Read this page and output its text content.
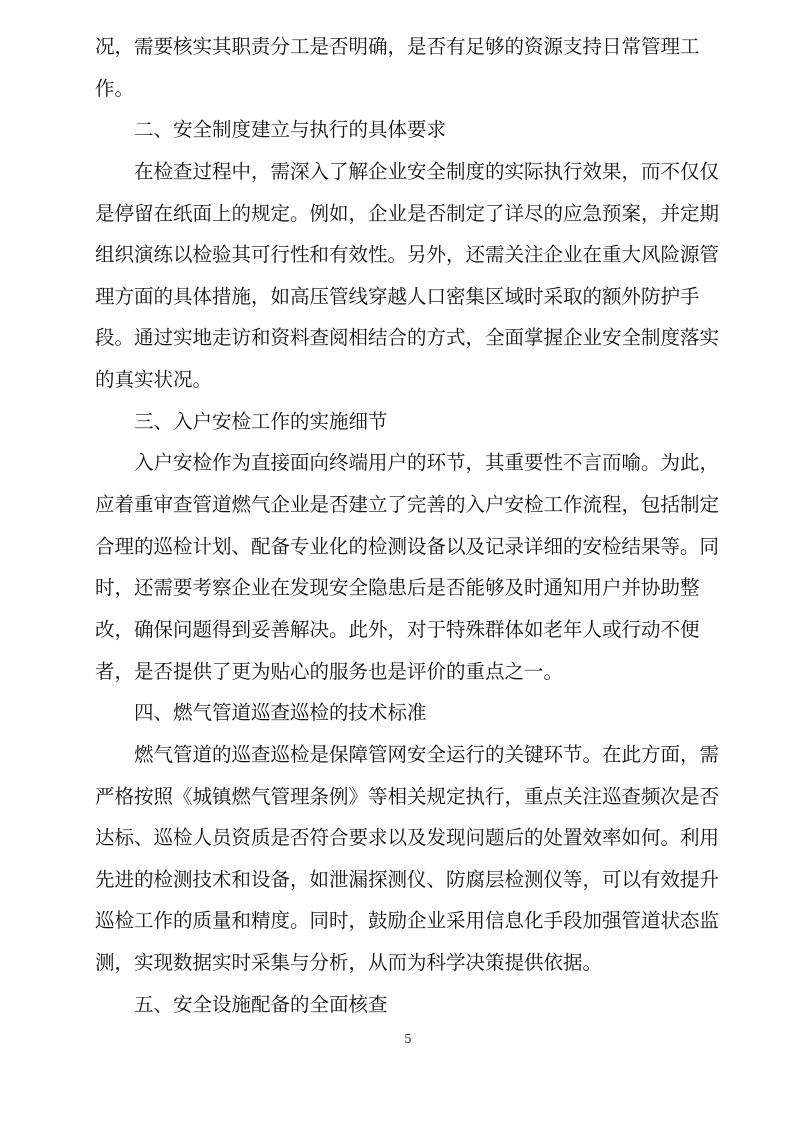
况，需要核实其职责分工是否明确，是否有足够的资源支持日常管理工
作。
二、安全制度建立与执行的具体要求
在检查过程中，需深入了解企业安全制度的实际执行效果，而不仅仅
是停留在纸面上的规定。例如，企业是否制定了详尽的应急预案，并定期
组织演练以检验其可行性和有效性。另外，还需关注企业在重大风险源管
理方面的具体措施，如高压管线穿越人口密集区域时采取的额外防护手
段。通过实地走访和资料查阅相结合的方式，全面掌握企业安全制度落实
的真实状况。
三、入户安检工作的实施细节
入户安检作为直接面向终端用户的环节，其重要性不言而喻。为此，
应着重审查管道燃气企业是否建立了完善的入户安检工作流程，包括制定
合理的巡检计划、配备专业化的检测设备以及记录详细的安检结果等。同
时，还需要考察企业在发现安全隐患后是否能够及时通知用户并协助整
改，确保问题得到妥善解决。此外，对于特殊群体如老年人或行动不便
者，是否提供了更为贴心的服务也是评价的重点之一。
四、燃气管道巡查巡检的技术标准
燃气管道的巡查巡检是保障管网安全运行的关键环节。在此方面，需
严格按照《城镇燃气管理条例》等相关规定执行，重点关注巡查频次是否
达标、巡检人员资质是否符合要求以及发现问题后的处置效率如何。利用
先进的检测技术和设备，如泄漏探测仪、防腐层检测仪等，可以有效提升
巡检工作的质量和精度。同时，鼓励企业采用信息化手段加强管道状态监
测，实现数据实时采集与分析，从而为科学决策提供依据。
五、安全设施配备的全面核查
5
